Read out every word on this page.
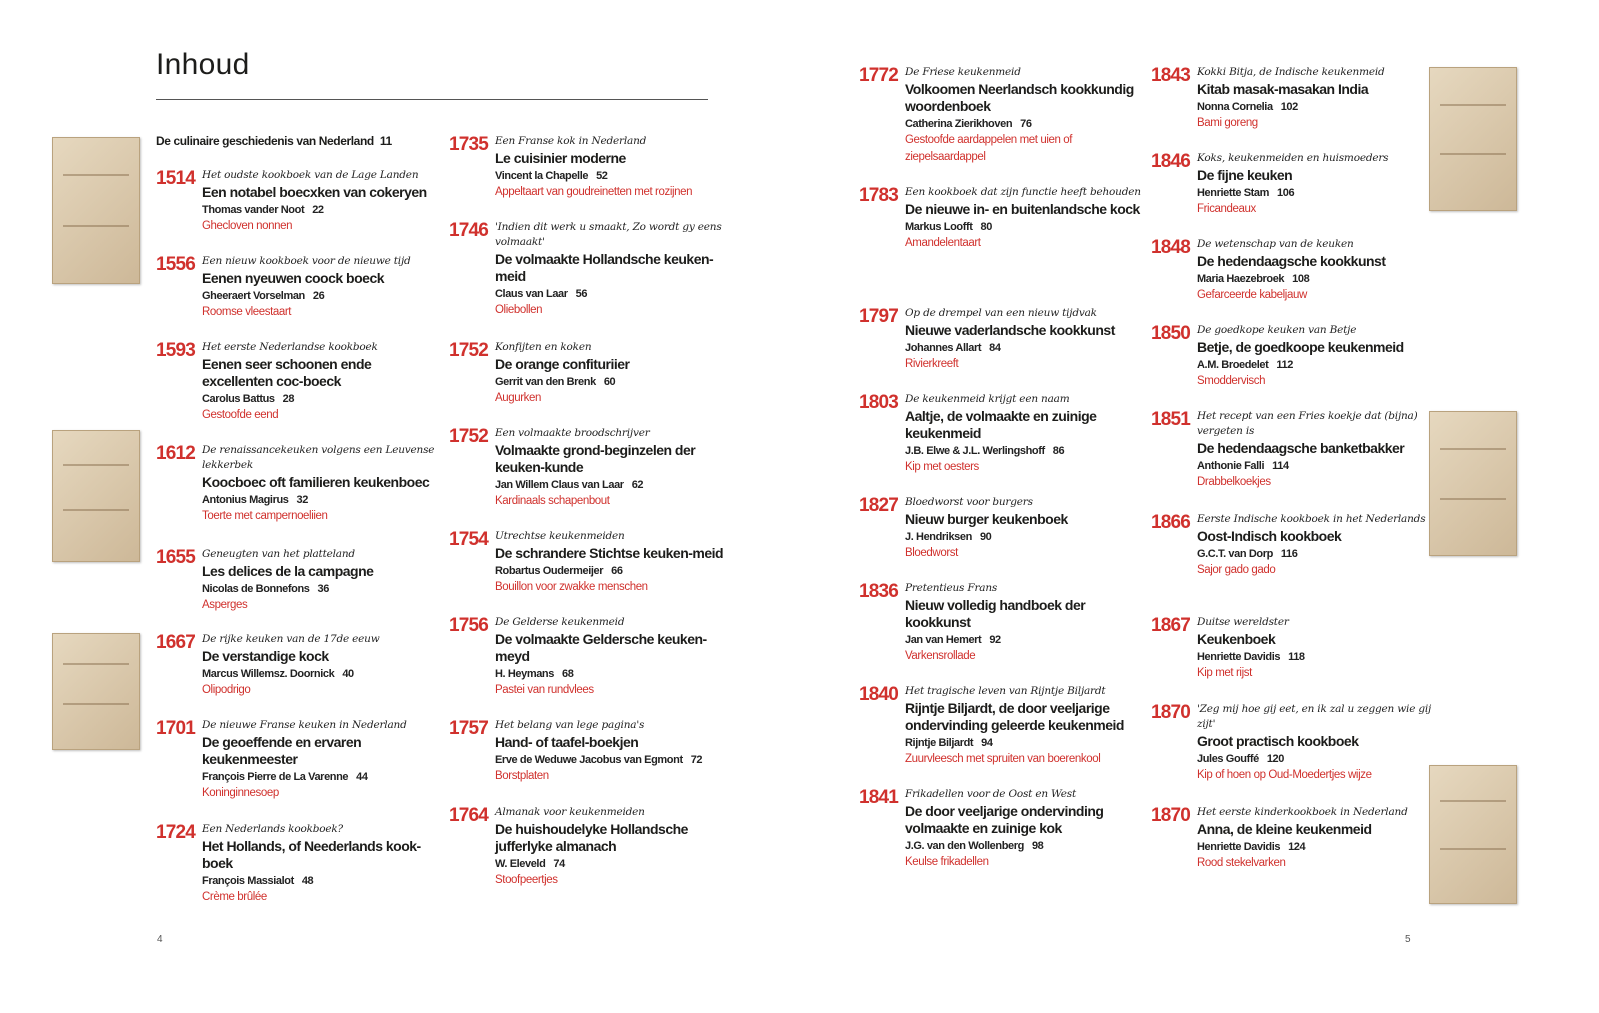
Inhoud
De culinaire geschiedenis van Nederland 11
1514 Het oudste kookboek van de Lage Landen
Een notabel boecxken van cokeryen
Thomas vander Noot 22
Ghecloven nonnen
1556 Een nieuw kookboek voor de nieuwe tijd
Eenen nyeuwen coock boeck
Gheeraert Vorselman 26
Roomse vleestaart
1593 Het eerste Nederlandse kookboek
Eenen seer schoonen ende excellenten coc-boeck
Carolus Battus 28
Gestoofde eend
1612 De renaissancekeuken volgens een Leuvense lekkerbek
Koocboec oft familieren keukenboec
Antonius Magirus 32
Toerte met campernoeliien
1655 Geneugten van het platteland
Les delices de la campagne
Nicolas de Bonnefons 36
Asperges
1667 De rijke keuken van de 17de eeuw
De verstandige kock
Marcus Willemsz. Doornick 40
Olipodrigo
1701 De nieuwe Franse keuken in Nederland
De geoeffende en ervaren keukenmeester
François Pierre de La Varenne 44
Koninginnesoep
1724 Een Nederlands kookboek?
Het Hollands, of Neederlands kook-boek
François Massialot 48
Crème brûlée
1735 Een Franse kok in Nederland
Le cuisinier moderne
Vincent la Chapelle 52
Appeltaart van goudreinetten met rozijnen
1746 'Indien dit werk u smaakt, Zo wordt gy eens volmaakt'
De volmaakte Hollandsche keuken-meid
Claus van Laar 56
Oliebollen
1752 Konfijten en koken
De orange confituriier
Gerrit van den Brenk 60
Augurken
1752 Een volmaakte broodschrijver
Volmaakte grond-beginzelen der keuken-kunde
Jan Willem Claus van Laar 62
Kardinaals schapenbout
1754 Utrechtse keukenmeiden
De schrandere Stichtse keuken-meid
Robartus Oudermeijer 66
Bouillon voor zwakke menschen
1756 De Gelderse keukenmeid
De volmaakte Geldersche keuken-meyd
H. Heymans 68
Pastei van rundvlees
1757 Het belang van lege pagina's
Hand- of taafel-boekjen
Erve de Weduwe Jacobus van Egmont 72
Borstplaten
1764 Almanak voor keukenmeiden
De huishoudelyke Hollandsche jufferlyke almanach
W. Eleveld 74
Stoofpeertjes
1772 De Friese keukenmeid
Volkoomen Neerlandsch kookkundig woordenboek
Catherina Zierikhoven 76
Gestoofde aardappelen met uien of ziepelsaardappel
1783 Een kookboek dat zijn functie heeft behouden
De nieuwe in- en buitenlandsche kock
Markus Loofft 80
Amandelentaart
1797 Op de drempel van een nieuw tijdvak
Nieuwe vaderlandsche kookkunst
Johannes Allart 84
Rivierkreeft
1803 De keukenmeid krijgt een naam
Aaltje, de volmaakte en zuinige keukenmeid
J.B. Elwe & J.L. Werlingshoff 86
Kip met oesters
1827 Bloedworst voor burgers
Nieuw burger keukenboek
J. Hendriksen 90
Bloedworst
1836 Pretentieus Frans
Nieuw volledig handboek der kookkunst
Jan van Hemert 92
Varkensrollade
1840 Het tragische leven van Rijntje Biljardt
Rijntje Biljardt, de door veeljarige ondervinding geleerde keukenmeid
Rijntje Biljardt 94
Zuurvleesch met spruiten van boerenkool
1841 Frikadellen voor de Oost en West
De door veeljarige ondervinding volmaakte en zuinige kok
J.G. van den Wollenberg 98
Keulse frikadellen
1843 Kokki Bitja, de Indische keukenmeid
Kitab masak-masakan India
Nonna Cornelia 102
Bami goreng
1846 Koks, keukenmeiden en huismoeders
De fijne keuken
Henriette Stam 106
Fricandeaux
1848 De wetenschap van de keuken
De hedendaagsche kookkunst
Maria Haezebroek 108
Gefarceerde kabeljauw
1850 De goedkope keuken van Betje
Betje, de goedkoope keukenmeid
A.M. Broedelet 112
Smoddervisch
1851 Het recept van een Fries koekje dat (bijna) vergeten is
De hedendaagsche banketbakker
Anthonie Falli 114
Drabbelkoekjes
1866 Eerste Indische kookboek in het Nederlands
Oost-Indisch kookboek
G.C.T. van Dorp 116
Sajor gado gado
1867 Duitse wereldster
Keukenboek
Henriette Davidis 118
Kip met rijst
1870 'Zeg mij hoe gij eet, en ik zal u zeggen wie gij zijt'
Groot practisch kookboek
Jules Gouffé 120
Kip of hoen op Oud-Moedertjes wijze
1870 Het eerste kinderkookboek in Nederland
Anna, de kleine keukenmeid
Henriette Davidis 124
Rood stekelvarken
4	5
